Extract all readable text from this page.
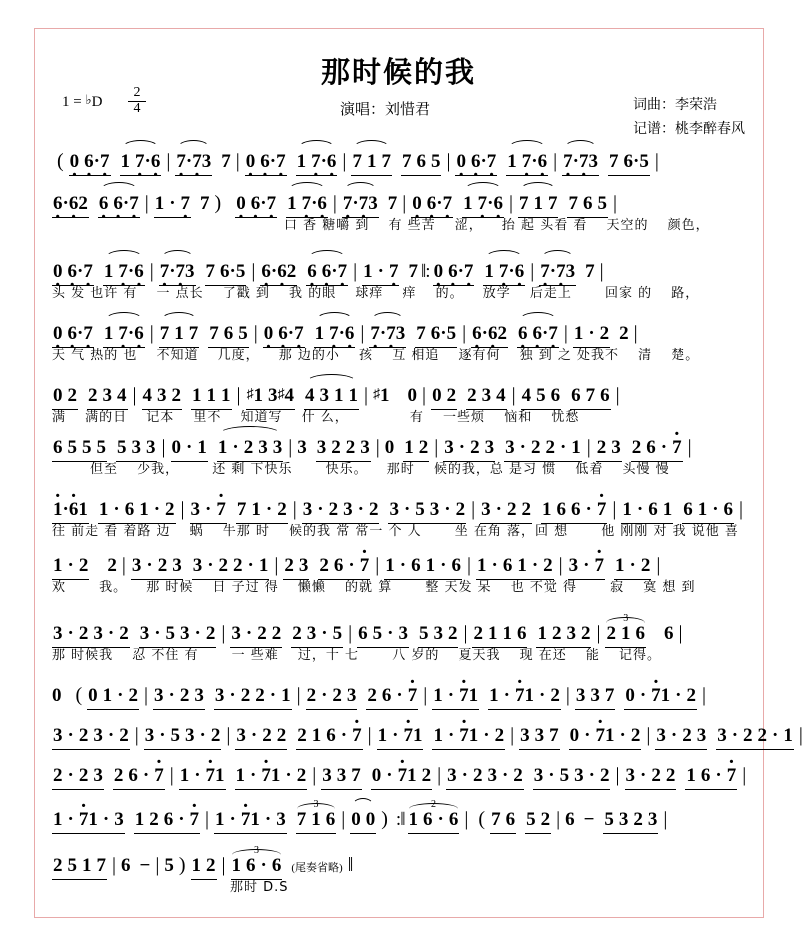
那时候的我
1 = ♭D $\frac{2}{4}$	演唱：刘惜君	词曲：李荣浩
记谱：桃李醉春风
( 0 · 6 ··7 · 1 7 ··6 · | 7 ··7 ·3 7 | 0 · 6 ··7 · 1 7 ··6 · | 7 1 7 7 6 5 | 0 · 6 ··7 · 1 7 ··6 · | 7 ··7 ·3 7 6·5 |
6 ··6 ·2 6 · 6 ··7 · | 1 · 7 · 7 ) 0 · 6 ··7 · 1 7 ··6 · | 7 ··7 ·3 7 | 0 · 6 ··7 · 1 7 ··6 · | 7 1 7 7 6 5 |
口 香 糖嚼 到 　有 些苦 　涩， 　抬 起 头看 看 　天空的 　颜色，
0 · 6 ··7 · 1 7 ··6 · | 7 ··7 ·3 7 6·5 | 6 ··6 ·2 6 · 6 ··7 · | 1 · 7 · 7 ‖: 0 · 6 ··7 · 1 7 ··6 · | 7 ··7 ·3 7 |
头 发 也许 有 　一 点长 　了戳 到 　我 的眼 　球痒 　痒 　的。 　放学 　后走上 　　回家 的 　路，
0 · 6 ··7 · 1 7 ··6 · | 7 1 7 7 6 5 | 0 · 6 ··7 · 1 7 ··6 · | 7 ··7 ·3 7 6·5 | 6 ··6 ·2 6 · 6 ··7 · | 1 · 2 2 |
天 气 热的 也 　不知道 　几度， 　那 边的小 　孩 　互 相追 　逐有何 　独 到 之 处我不 　清 　楚。
0 2 2 3 4 | 4 3 2 1 1 1 | ♯1 3♯4 4 3 1 1 | ♯1 0 | 0 2 2 3 4 | 4 5 6 6 7 6 |
满 　满的日 　记本 　里不 　知道写 　什 么， 　　　　有 　一些烦 　恼和 　忧愁
6 5 5 5 5 3 3 | 0 · 1 1 · 2 3 3 | 3 3 2 2 3 | 0 1 2 | 3 · 2 3 3 · 2 2 · 1 | 2 3 2 6 · · 7 |
但至 　少我， 　　还 剩 下快乐 　　快乐。 　那时 　候的我，总 是习 惯 　低着 　头慢 慢
· 1·· 61 1 · 6 1 · 2 | 3 · · 7 7 1 · 2 | 3 · 2 3 · 2 3 · 5 3 · 2 | 3 · 2 2 1 6 6 · · 7 | 1 · 6 1 6 1 · 6 |
往 前走 看 着路 边 　蜗 　牛那 时 　候的我 常 常一 个 人 　　坐 在角 落，回 想 　　他 刚刚 对 我 说他 喜
1 · 2 2 | 3 · 2 3 3 · 2 2 · 1 | 2 3 2 6 · · 7 | 1 · 6 1 · 6 | 1 · 6 1 · 2 | 3 · · 7 1 · 2 |
欢 　　我。 　那 时候 　日 子过 得 　懒懒 　的就 算 　　整 天发 呆 　也 不觉 得 　　寂 　寞 想 到
3 · 2 3 · 2 3 · 5 3 · 2 | 3 · 2 2 2 3 · 5 | 6 5 · 3 5 3 2 | 2 1 1 6 1 2 3 2 | 3 2 1 6 6 |
那 时候我 　忍 不住 有 　　一 些难 　过，十 七 　　八 岁的 　夏天我 　现 在还 　能 　记得。
0 ( 0 1 · 2 | 3 · 2 3 3 · 2 2 · 1 | 2 · 2 3 2 6 · · 7 | 1 · · 71 1 · · 71 · 2 | 3 3 7 0 · · 71 · 2 |
3 · 2 3 · 2 | 3 · 5 3 · 2 | 3 · 2 2 2 1 6 · · 7 | 1 · · 71 1 · · 71 · 2 | 3 3 7 0 · · 71 · 2 | 3 · 2 3 3 · 2 2 · 1 |
2 · 2 3 2 6 · · 7 | 1 · · 71 1 · · 71 · 2 | 3 3 7 0 · · 71 2 | 3 · 2 3 · 2 3 · 5 3 · 2 | 3 · 2 2 1 6 · · 7 |
1 · · 71 · 3 1 2 6 · · 7 | 1 · · 71 · 3 3 7 1 6 | 0 0 ) :‖ 2 1 6 · 6 | ( 7 6 5 2 | 6 − 5 3 2 3 |
2 5 1 7 | 6 − | 5 ) 1 2 | 3 1 6 · 6 (尾奏省略) ‖
那时 D.S
